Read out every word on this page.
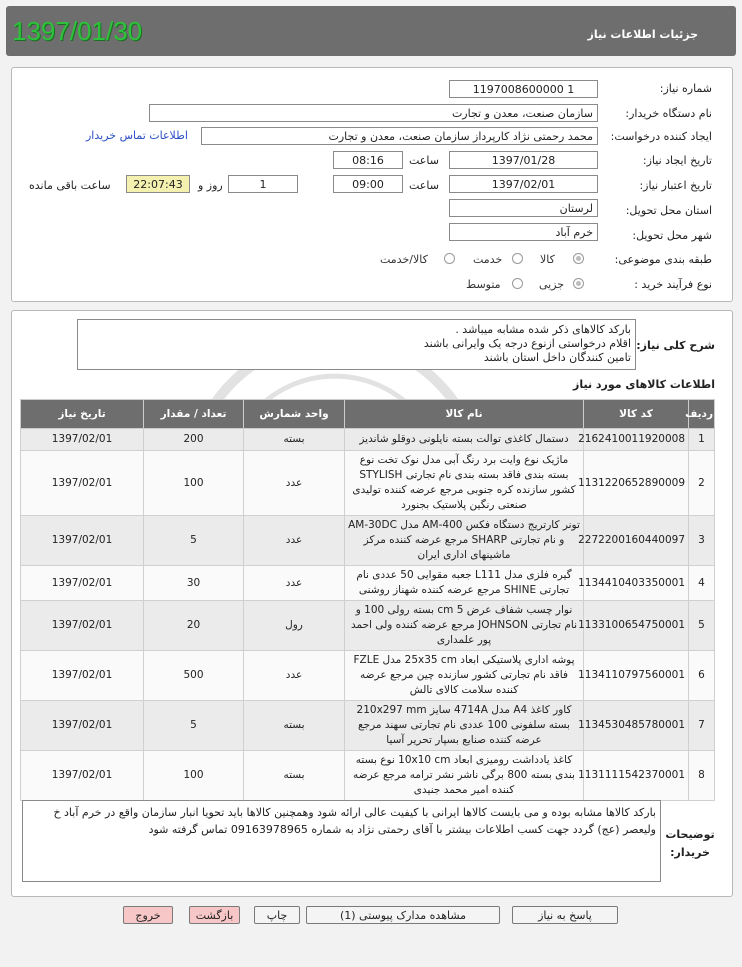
جزئیات اطلاعات نیاز
1397/01/30
شماره نیاز:
1197008600000 1
نام دستگاه خریدار:
سازمان صنعت، معدن و تجارت
ایجاد کننده درخواست:
محمد رحمتی نژاد کارپرداز سازمان صنعت، معدن و تجارت
اطلاعات تماس خریدار
تاریخ ایجاد نیاز:
1397/01/28
ساعت
08:16
تاریخ اعتبار نیاز:
1397/02/01
ساعت
09:00
1
روز و
22:07:43
ساعت باقی مانده
استان محل تحویل:
لرستان
شهر محل تحویل:
خرم آباد
طبقه بندی موضوعی:
کالا
خدمت
کالا/خدمت
نوع فرآیند خرید :
جزیی
متوسط
شرح کلی نیاز:
بارکد کالاهای ذکر شده مشابه میباشد .
اقلام درخواستی ازنوع درجه یک وایرانی باشند
تامین کنندگان داخل استان باشند
اطلاعات کالاهای مورد نیاز
ردیف	کد کالا	نام کالا	واحد شمارش	تعداد / مقدار	تاریخ نیاز
1	2162410011920008	دستمال کاغذی توالت بسته نایلونی دوقلو شاندیز	بسته	200	1397/02/01
2	1131220652890009	ماژیک نوع وایت برد رنگ آبی مدل نوک تخت نوع بسته بندی فاقد بسته بندی نام تجارتی STYLISH کشور سازنده کره جنوبی مرجع عرضه کننده تولیدی صنعتی رنگین پلاستیک بجنورد	عدد	100	1397/02/01
3	2272200160440097	تونر کارتریج دستگاه فکس AM-400 مدل AM-30DC و نام تجارتی SHARP مرجع عرضه کننده مرکز ماشینهای اداری ایران	عدد	5	1397/02/01
4	1134410403350001	گیره فلزی مدل L111 جعبه مقوایی 50 عددی نام تجارتی SHINE مرجع عرضه کننده شهناز روشنی	عدد	30	1397/02/01
5	1133100654750001	نوار چسب شفاف عرض cm 5 بسته رولی 100 و نام تجارتی JOHNSON مرجع عرضه کننده ولی احمد پور علمداری	رول	20	1397/02/01
6	1134110797560001	پوشه اداری پلاستیکی ابعاد 25x35 cm مدل FZLE فاقد نام تجارتی کشور سازنده چین مرجع عرضه کننده سلامت کالای تالش	عدد	500	1397/02/01
7	1134530485780001	کاور کاغذ A4 مدل 4714A سایز 210x297 mm بسته سلفونی 100 عددی نام تجارتی سهند مرجع عرضه کننده صنایع بسپار تحریر آسیا	بسته	5	1397/02/01
8	1131111542370001	کاغذ یادداشت رومیزی ابعاد 10x10 cm نوع بسته بندی بسته 800 برگی ناشر نشر ترامه مرجع عرضه کننده امیر محمد جنیدی	بسته	100	1397/02/01
توضیحات خریدار:
بارکد کالاها مشابه بوده و می بایست کالاها ایرانی با کیفیت عالی ارائه شود وهمچنین کالاها باید تحویا انبار سازمان واقع در خرم آباد خ ولیعصر (عج) گردد جهت کسب اطلاعات بیشتر با آقای رحمتی نژاد به شماره 09163978965 تماس گرفته شود
پاسخ به نیاز
مشاهده مدارک پیوستی (1)
چاپ
بازگشت
خروج
